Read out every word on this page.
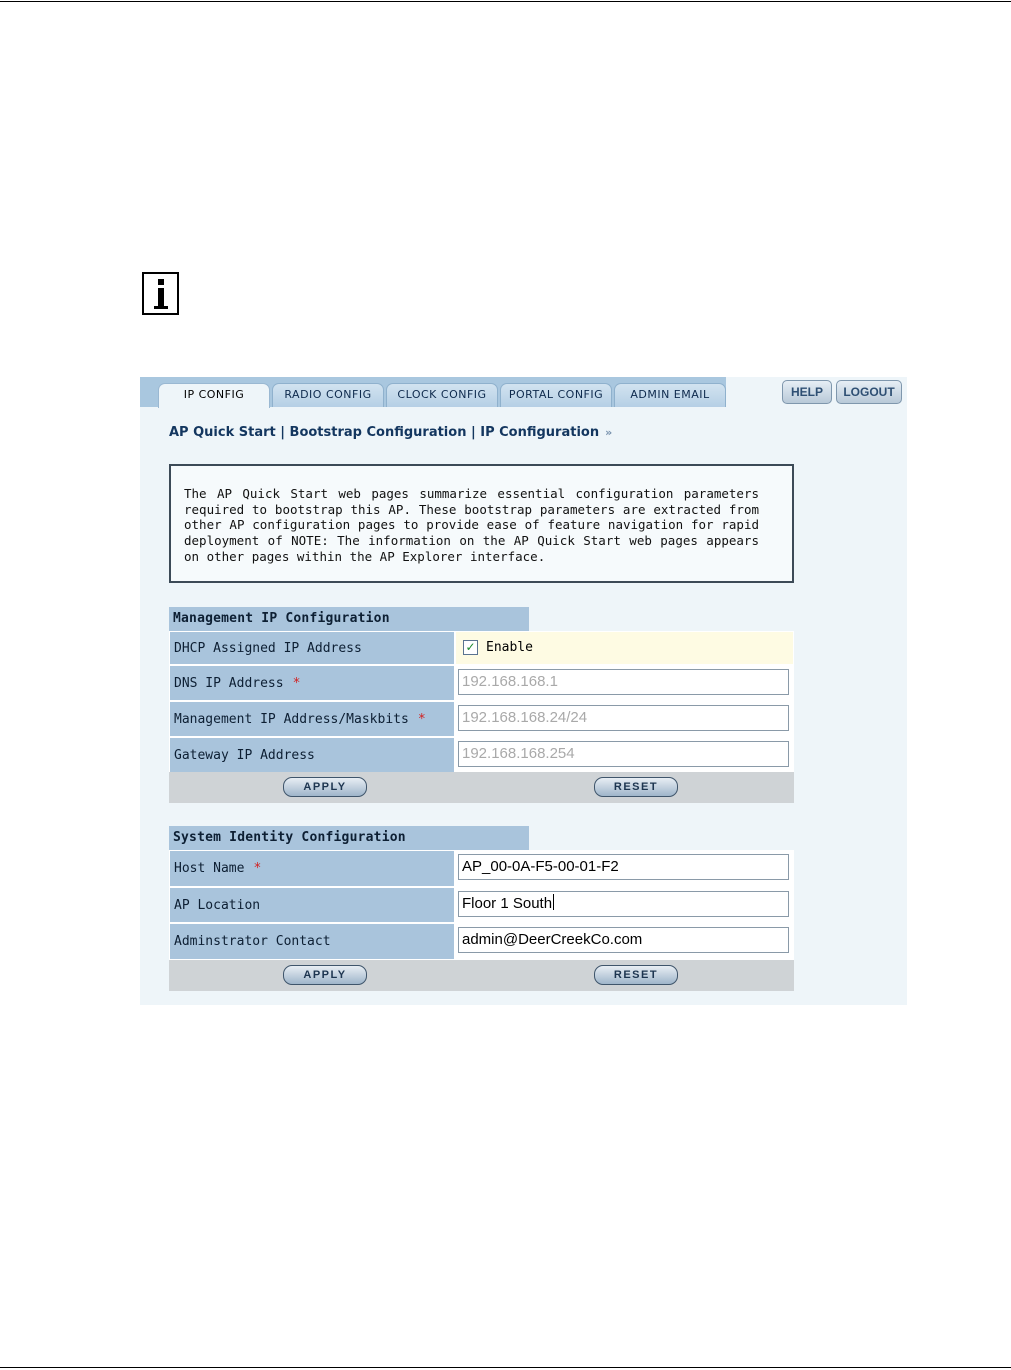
IP CONFIG	RADIO CONFIG	CLOCK CONFIG	PORTAL CONFIG	ADMIN EMAIL	HELP	LOGOUT
AP Quick Start | Bootstrap Configuration | IP Configuration »
The AP Quick Start web pages summarize essential configuration parameters required to bootstrap this AP. These bootstrap parameters are extracted from other AP configuration pages to provide ease of feature navigation for rapid deployment of NOTE: The information on the AP Quick Start web pages appears on other pages within the AP Explorer interface.
Management IP Configuration
DHCP Assigned IP Address	✓ Enable
DNS IP Address *	192.168.168.1
Management IP Address/Maskbits * 192.168.168.24/24
Gateway IP Address	192.168.168.254
APPLY	RESET
System Identity Configuration
Host Name *	AP_00-0A-F5-00-01-F2
AP Location	Floor 1 South
Adminstrator Contact	admin@DeerCreekCo.com
APPLY	RESET
